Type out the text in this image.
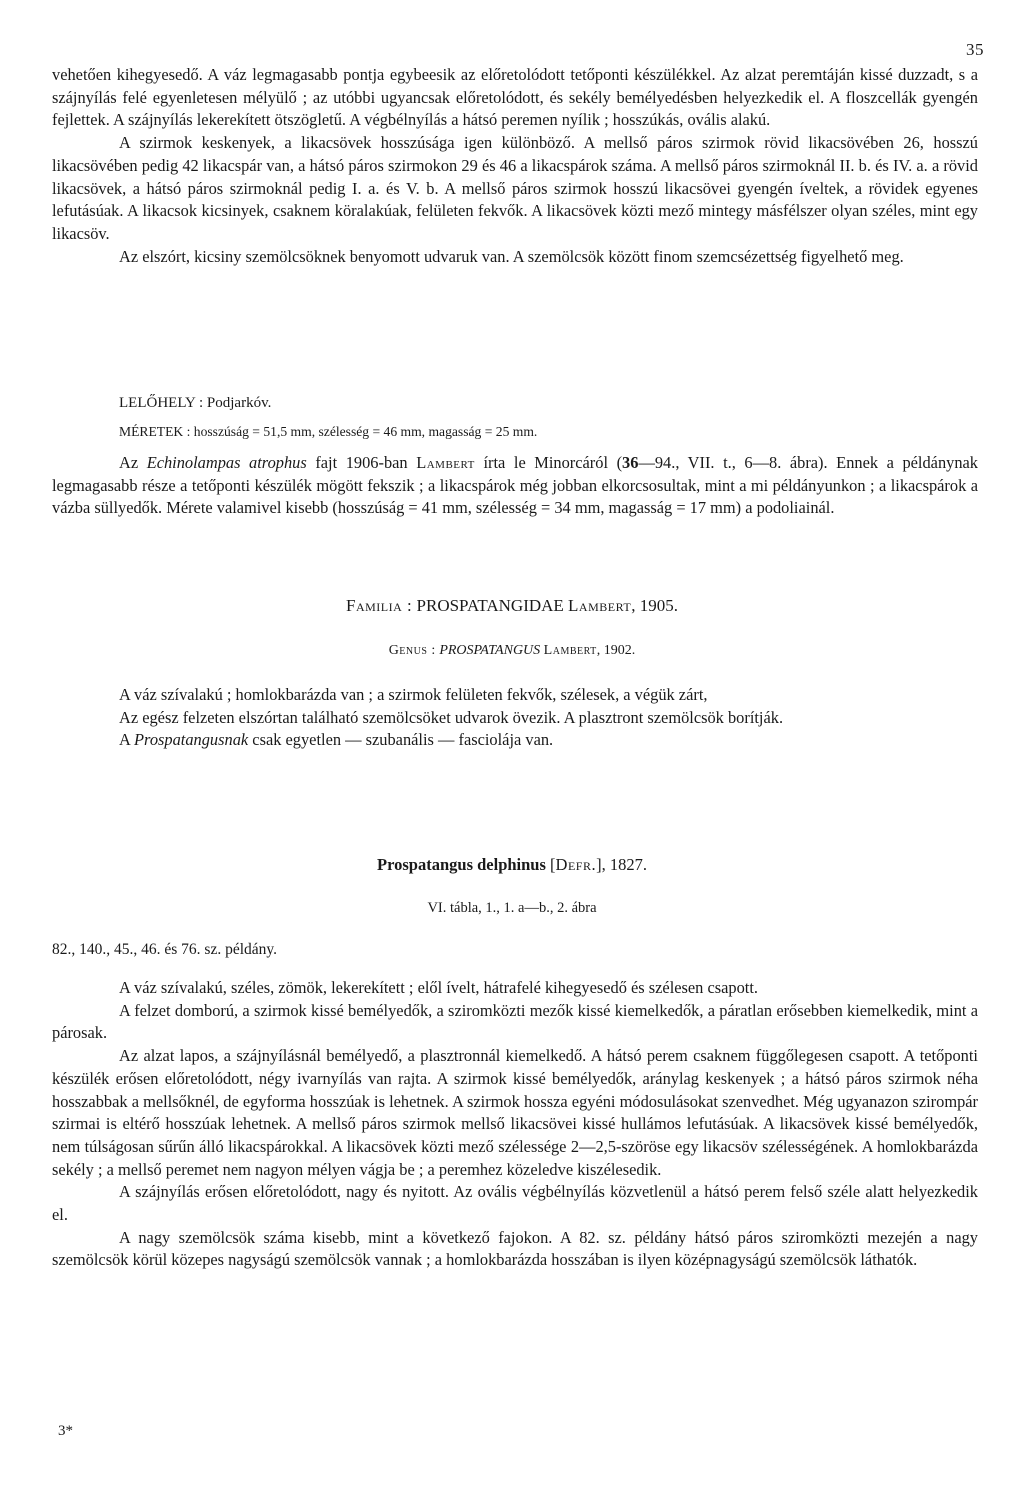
35

vehetően kihegyesedő. A váz legmagasabb pontja egybeesik az előretolódott tetőponti készülékkel. Az alzat peremtáján kissé duzzadt, s a szájnyílás felé egyenletesen mélyülő ; az utóbbi ugyancsak előretolódott, és sekély bemélyedésben helyezkedik el. A floszcellák gyengén fejlettek. A szájnyílás lekerekített ötszögletű. A végbélnyílás a hátsó peremen nyílik ; hosszúkás, ovális alakú.

A szirmok keskenyek, a likacsövek hosszúsága igen különböző. A mellső páros szirmok rövid likacsövében 26, hosszú likacsövében pedig 42 likacspár van, a hátsó páros szirmokon 29 és 46 a likacspárok száma. A mellső páros szirmoknál II. b. és IV. a. a rövid likacsövek, a hátsó páros szirmoknál pedig I. a. és V. b. A mellső páros szirmok hosszú likacsövei gyengén íveltek, a rövidek egyenes lefutásúak. A likacsok kicsinyek, csaknem köralakúak, felületen fekvők. A likacsövek közti mező mintegy másfélszer olyan széles, mint egy likacsöv.

Az elszórt, kicsiny szemölcsöknek benyomott udvaruk van. A szemölcsök között finom szemcsézettség figyelhető meg.

LELŐHELY : Podjarkóv.

MÉRETEK : hosszúság = 51,5 mm, szélesség = 46 mm, magasság = 25 mm.

Az Echinolampas atrophus fajt 1906-ban Lambert írta le Minorcáról (36—94., VII. t., 6—8. ábra). Ennek a példánynak legmagasabb része a tetőponti készülék mögött fekszik ; a likacspárok még jobban elkorcsosultak, mint a mi példányunkon ; a likacspárok a vázba süllyedők. Mérete valamivel kisebb (hosszúság = 41 mm, szélesség = 34 mm, magasság = 17 mm) a podoliainál.

Familia : PROSPATANGIDAE Lambert, 1905.
Genus : PROSPATANGUS Lambert, 1902.

A váz szívalakú ; homlokbarázda van ; a szirmok felületen fekvők, szélesek, a végük zárt,

Az egész felzeten elszórtan található szemölcsöket udvarok övezik. A plasztront szemölcsök borítják.

A Prospatangusnak csak egyetlen — szubanális — fasciolája van.

Prospatangus delphinus [Defr.], 1827.
VI. tábla, 1., 1. a—b., 2. ábra

82., 140., 45., 46. és 76. sz. példány.

A váz szívalakú, széles, zömök, lekerekített ; elől ívelt, hátrafelé kihegyesedő és szélesen csapott.

A felzet domború, a szirmok kissé bemélyedők, a sziromközti mezők kissé kiemelkedők, a páratlan erősebben kiemelkedik, mint a párosak.

Az alzat lapos, a szájnyílásnál bemélyedő, a plasztronnál kiemelkedő. A hátsó perem csaknem függőlegesen csapott. A tetőponti készülék erősen előretolódott, négy ivarnyílás van rajta. A szirmok kissé bemélyedők, aránylag keskenyek ; a hátsó páros szirmok néha hosszabbak a mellsőknél, de egyforma hosszúak is lehetnek. A szirmok hossza egyéni módosulásokat szenvedhet. Még ugyanazon szirompár szirmai is eltérő hosszúak lehetnek. A mellső páros szirmok mellső likacsövei kissé hullámos lefutásúak. A likacsövek kissé bemélyedők, nem túlságosan sűrűn álló likacspárokkal. A likacsövek közti mező szélessége 2—2,5-szöröse egy likacsöv szélességének. A homlokbarázda sekély ; a mellső peremet nem nagyon mélyen vágja be ; a peremhez közeledve kiszélesedik.

A szájnyílás erősen előretolódott, nagy és nyitott. Az ovális végbélnyílás közvetlenül a hátsó perem felső széle alatt helyezkedik el.

A nagy szemölcsök száma kisebb, mint a következő fajokon. A 82. sz. példány hátsó páros sziromközti mezején a nagy szemölcsök körül közepes nagyságú szemölcsök vannak ; a homlokbarázda hosszában is ilyen középnagyságú szemölcsök láthatók.

3*
